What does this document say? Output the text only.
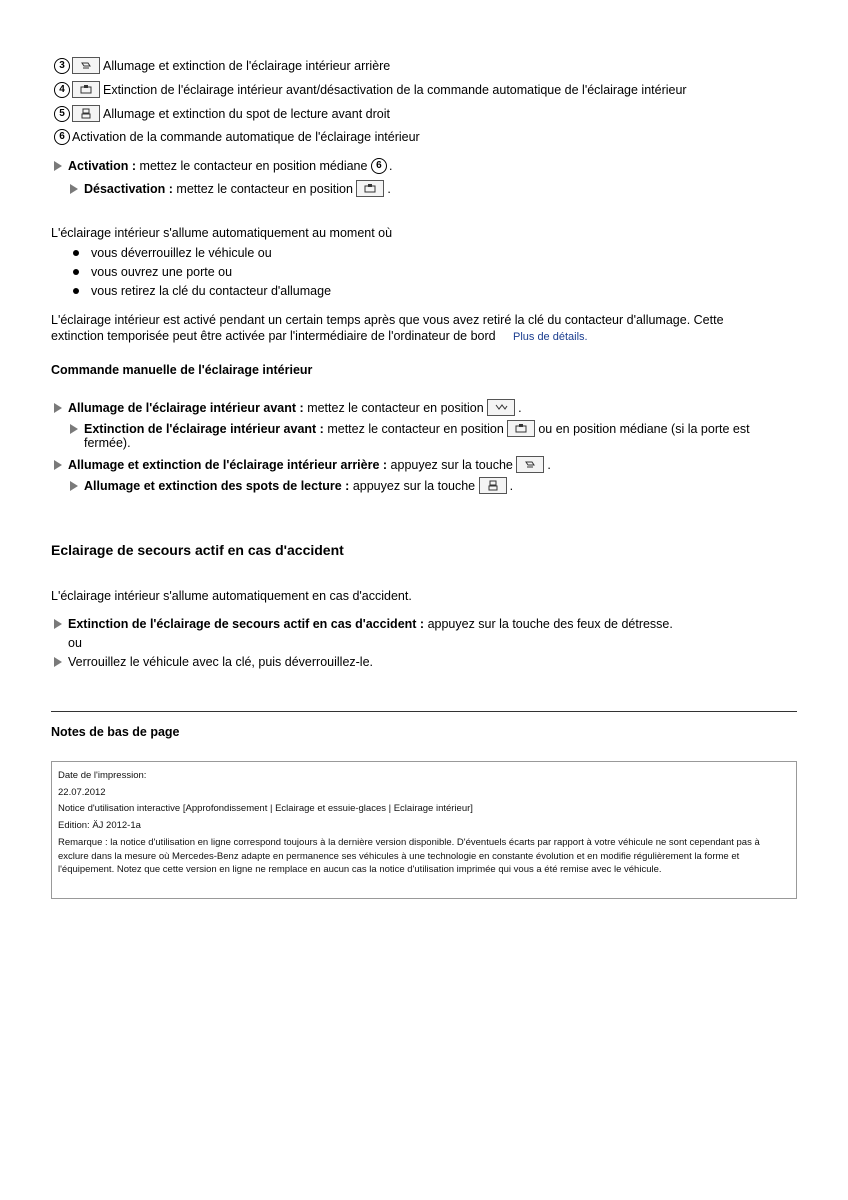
3	Allumage et extinction de l'éclairage intérieur arrière
4	Extinction de l'éclairage intérieur avant/désactivation de la commande automatique de l'éclairage intérieur
5	Allumage et extinction du spot de lecture avant droit
6 Activation de la commande automatique de l'éclairage intérieur
Activation :
mettez le contacteur en position médiane
6 .
Désactivation :
mettez le contacteur en position
	.
L'éclairage intérieur s'allume automatiquement au moment où
vous déverrouillez le véhicule ou
vous ouvrez une porte ou
vous retirez la clé du contacteur d'allumage
L'éclairage intérieur est activé pendant un certain temps après que vous avez retiré la clé du contacteur d'allumage. Cette
extinction temporisée peut être activée par l'intermédiaire de l'ordinateur de bord Plus de détails.
Commande manuelle de l'éclairage intérieur
Allumage de l'éclairage intérieur avant :
mettez le contacteur en position
	.
Extinction de l'éclairage intérieur avant :
mettez le contacteur en position
	ou en position médiane (si la porte est
fermée).
Allumage et extinction de l'éclairage intérieur arrière :
appuyez sur la touche
	.
Allumage et extinction des spots de lecture :
appuyez sur la touche
	.
Eclairage de secours actif en cas d'accident
L'éclairage intérieur s'allume automatiquement en cas d'accident.
Extinction de l'éclairage de secours actif en cas d'accident :
appuyez sur la touche des feux de détresse.
ou
Verrouillez le véhicule avec la clé, puis déverrouillez-le.
Notes de bas de page
Date de l'impression:
22.07.2012
Notice d'utilisation interactive [Approfondissement | Eclairage et essuie-glaces | Eclairage intérieur]
Edition: ÄJ 2012-1a
Remarque : la notice d'utilisation en ligne correspond toujours à la dernière version disponible. D'éventuels écarts par rapport à votre véhicule ne sont cependant pas à exclure dans la mesure où Mercedes-Benz adapte en permanence ses véhicules à une technologie en constante évolution et en modifie régulièrement la forme et l'équipement. Notez que cette version en ligne ne remplace en aucun cas la notice d'utilisation imprimée qui vous a été remise avec le véhicule.
